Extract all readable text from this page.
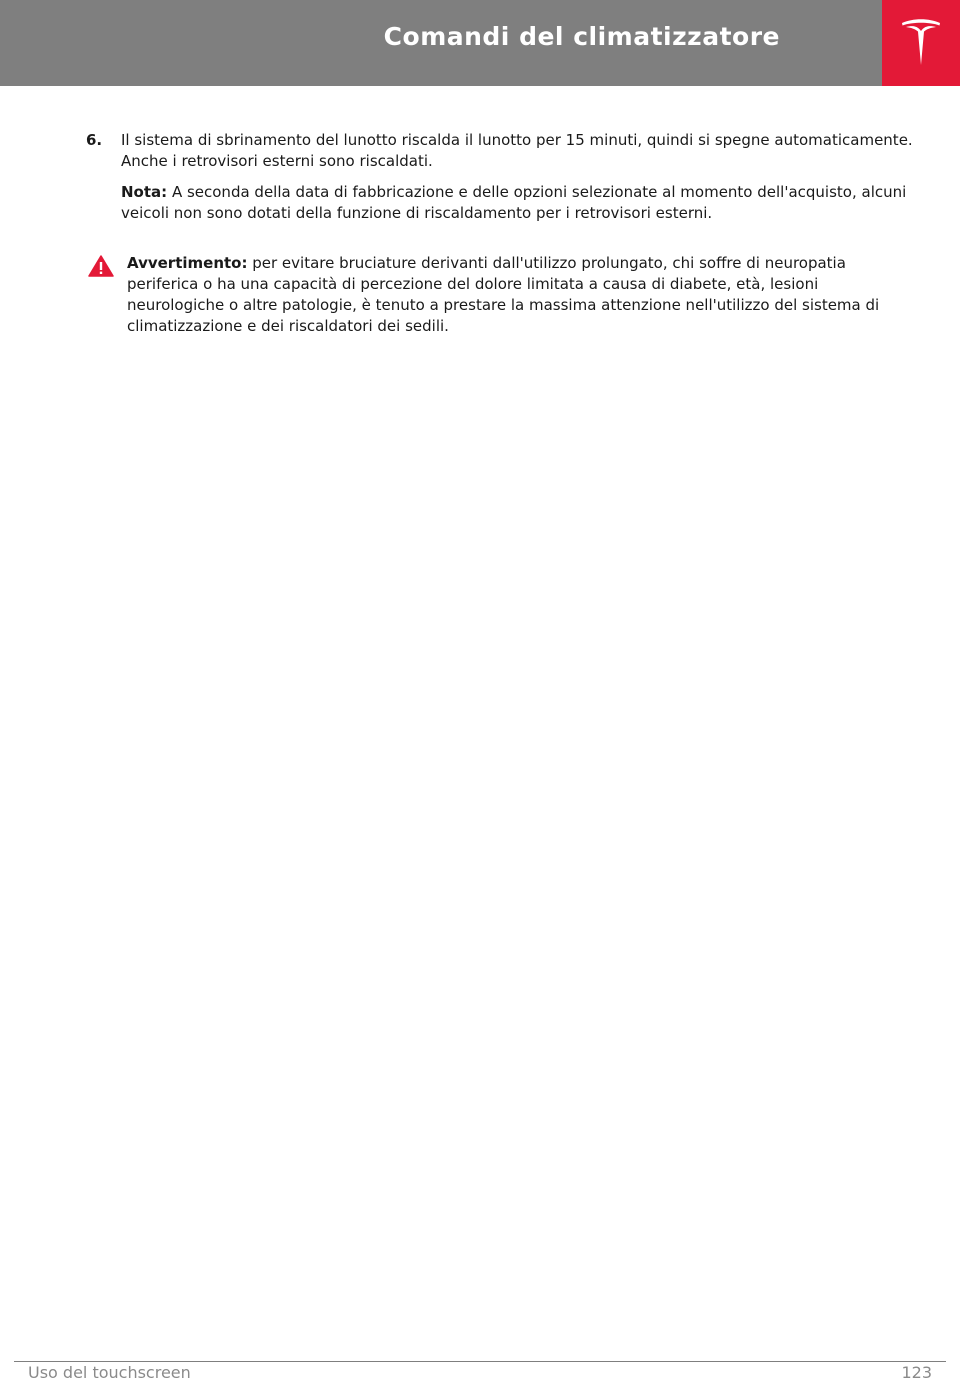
Comandi del climatizzatore
6. Il sistema di sbrinamento del lunotto riscalda il lunotto per 15 minuti, quindi si spegne automaticamente. Anche i retrovisori esterni sono riscaldati.
Nota: A seconda della data di fabbricazione e delle opzioni selezionate al momento dell'acquisto, alcuni veicoli non sono dotati della funzione di riscaldamento per i retrovisori esterni.
Avvertimento: per evitare bruciature derivanti dall'utilizzo prolungato, chi soffre di neuropatia periferica o ha una capacità di percezione del dolore limitata a causa di diabete, età, lesioni neurologiche o altre patologie, è tenuto a prestare la massima attenzione nell'utilizzo del sistema di climatizzazione e dei riscaldatori dei sedili.
Uso del touchscreen	123
